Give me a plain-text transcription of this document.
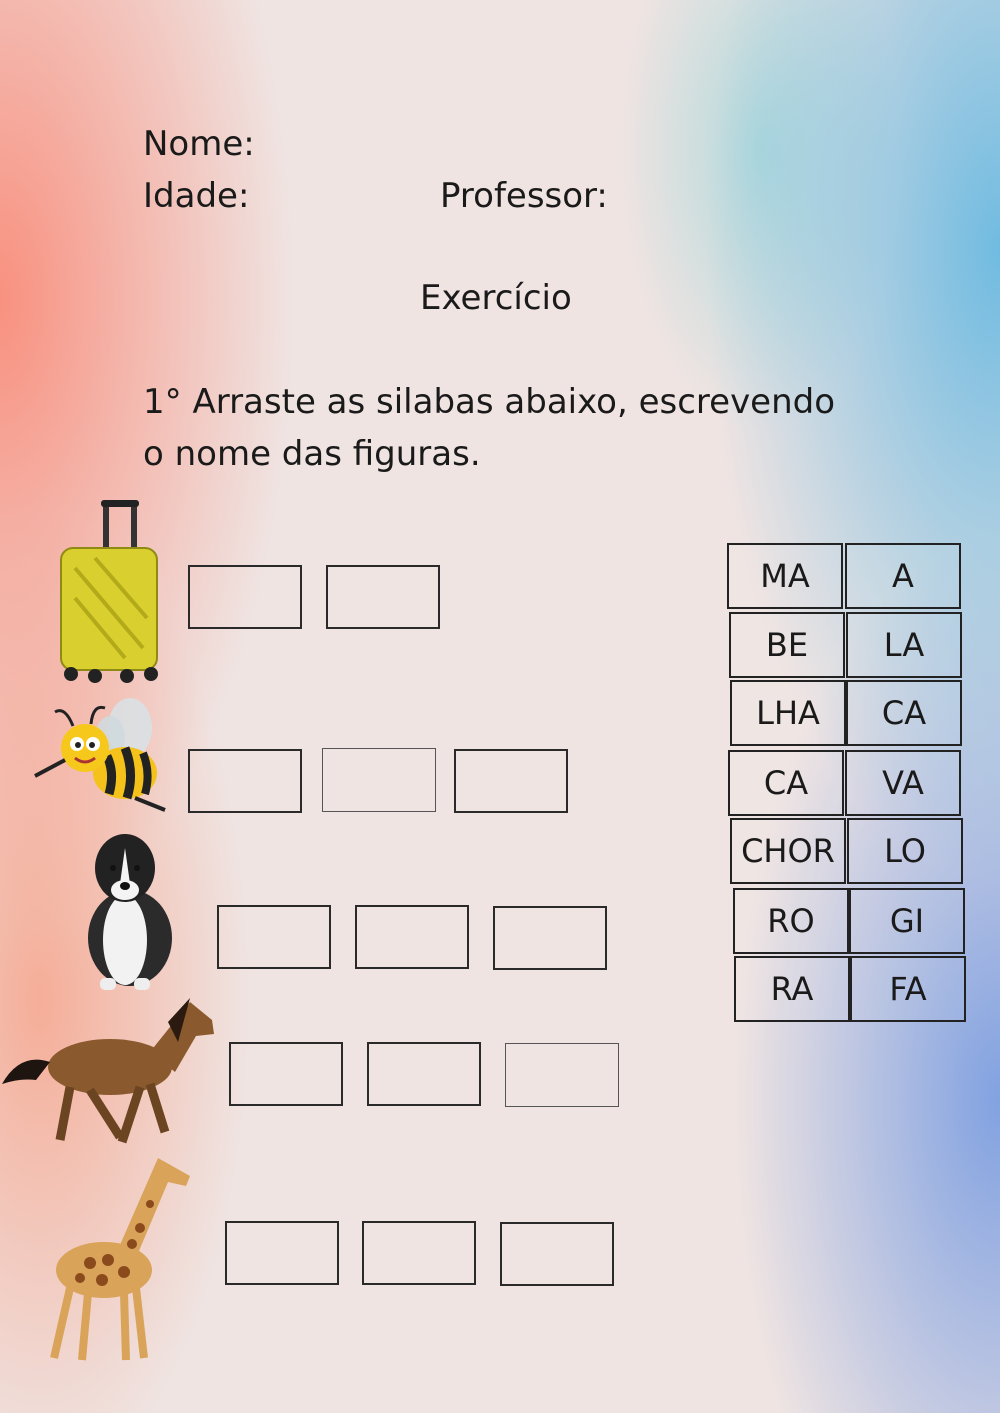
Nome:
Idade:	Professor:
Exercício
1° Arraste as silabas abaixo, escrevendo
o nome das figuras.
MA	A
BE	LA
LHA	CA
CA	VA
CHOR	LO
RO	GI
RA	FA
